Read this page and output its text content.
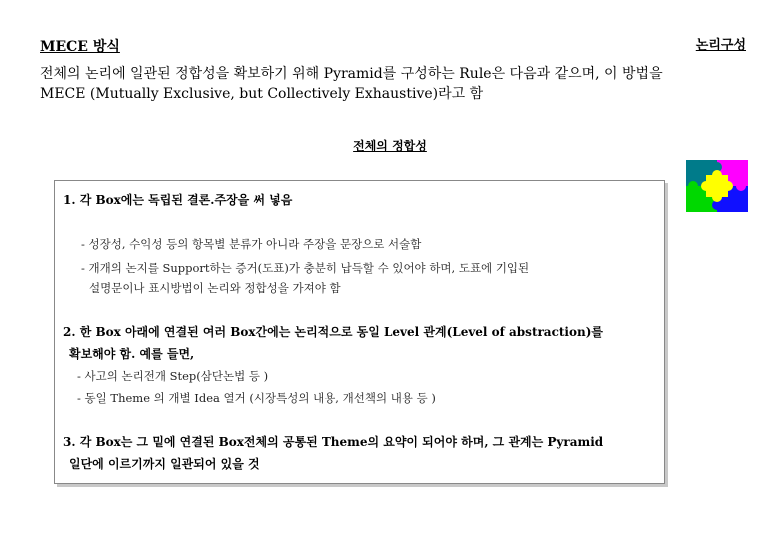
MECE 방식	논리구성
전체의 논리에 일관된 정합성을 확보하기 위해 Pyramid를 구성하는 Rule은 다음과 같으며, 이 방법을
MECE (Mutually Exclusive, but Collectively Exhaustive)라고 함
전체의 정합성
1. 각 Box에는 독립된 결론.주장을 써 넣음
- 성장성, 수익성 등의 항목별 분류가 아니라 주장을 문장으로 서술함
- 개개의 논지를 Support하는 증거(도표)가 충분히 납득할 수 있어야 하며, 도표에 기입된
설명문이나 표시방법이 논리와 정합성을 가져야 함
2. 한 Box 아래에 연결된 여러 Box간에는 논리적으로 동일 Level 관계(Level of abstraction)를
확보해야 함. 예를 들면,
- 사고의 논리전개 Step(삼단논법 등 )
- 동일 Theme 의 개별 Idea 열거 (시장특성의 내용, 개선책의 내용 등 )
3. 각 Box는 그 밑에 연결된 Box전체의 공통된 Theme의 요약이 되어야 하며, 그 관계는 Pyramid
일단에 이르기까지 일관되어 있을 것
